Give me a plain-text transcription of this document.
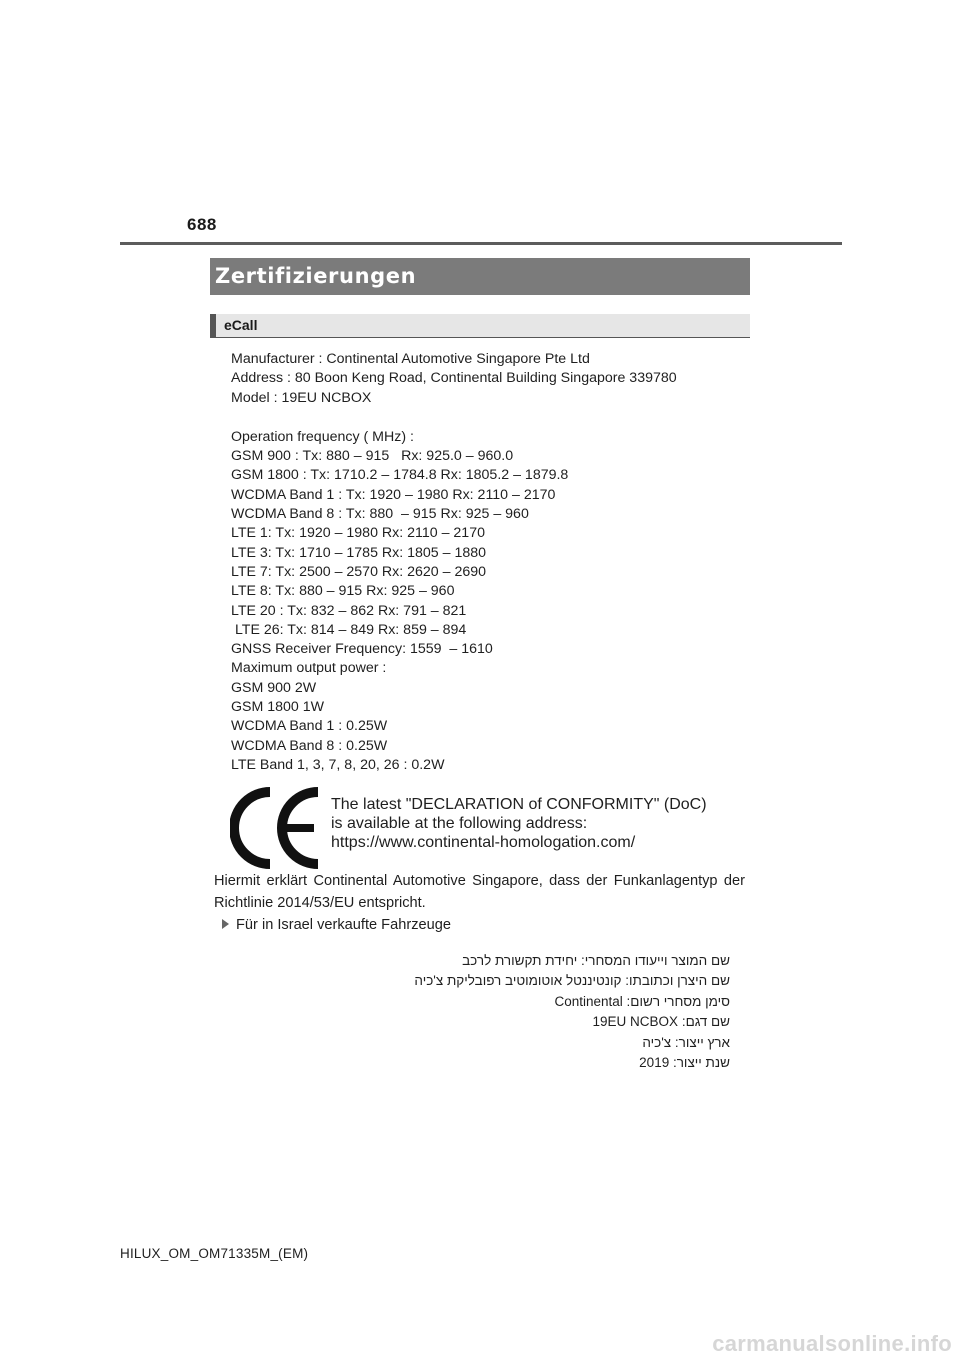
688
Zertifizierungen
eCall
Manufacturer : Continental Automotive Singapore Pte Ltd
Address : 80 Boon Keng Road, Continental Building Singapore 339780
Model : 19EU NCBOX
Operation frequency ( MHz) :
GSM 900 : Tx: 880 – 915   Rx: 925.0 – 960.0
GSM 1800 : Tx: 1710.2 – 1784.8 Rx: 1805.2 – 1879.8
WCDMA Band 1 : Tx: 1920 – 1980 Rx: 2110 – 2170
WCDMA Band 8 : Tx: 880  – 915 Rx: 925 – 960
LTE 1: Tx: 1920 – 1980 Rx: 2110 – 2170
LTE 3: Tx: 1710 – 1785 Rx: 1805 – 1880
LTE 7: Tx: 2500 – 2570 Rx: 2620 – 2690
LTE 8: Tx: 880 – 915 Rx: 925 – 960
LTE 20 : Tx: 832 – 862 Rx: 791 – 821
LTE 26: Tx: 814 – 849 Rx: 859 – 894
GNSS Receiver Frequency: 1559  – 1610
Maximum output power :
GSM 900 2W
GSM 1800 1W
WCDMA Band 1 : 0.25W
WCDMA Band 8 : 0.25W
LTE Band 1, 3, 7, 8, 20, 26 : 0.2W
The latest "DECLARATION of CONFORMITY" (DoC)
is available at the following address:
https://www.continental-homologation.com/
Hiermit erklärt Continental Automotive Singapore, dass der Funkanlagentyp der Richtlinie 2014/53/EU entspricht.
Für in Israel verkaufte Fahrzeuge
שם המוצר וייעודו המסחרי: יחידת תקשורת לרכב
שם היצרן וכתובתו: קונטיננטל אוטומוטיב רפובליקת צ'כיה
סימן מסחרי רשום: Continental
שם דגם: 19EU NCBOX
ארץ ייצור: צ'כיה
שנת ייצור: 2019
HILUX_OM_OM71335M_(EM)
carmanualsonline.info
